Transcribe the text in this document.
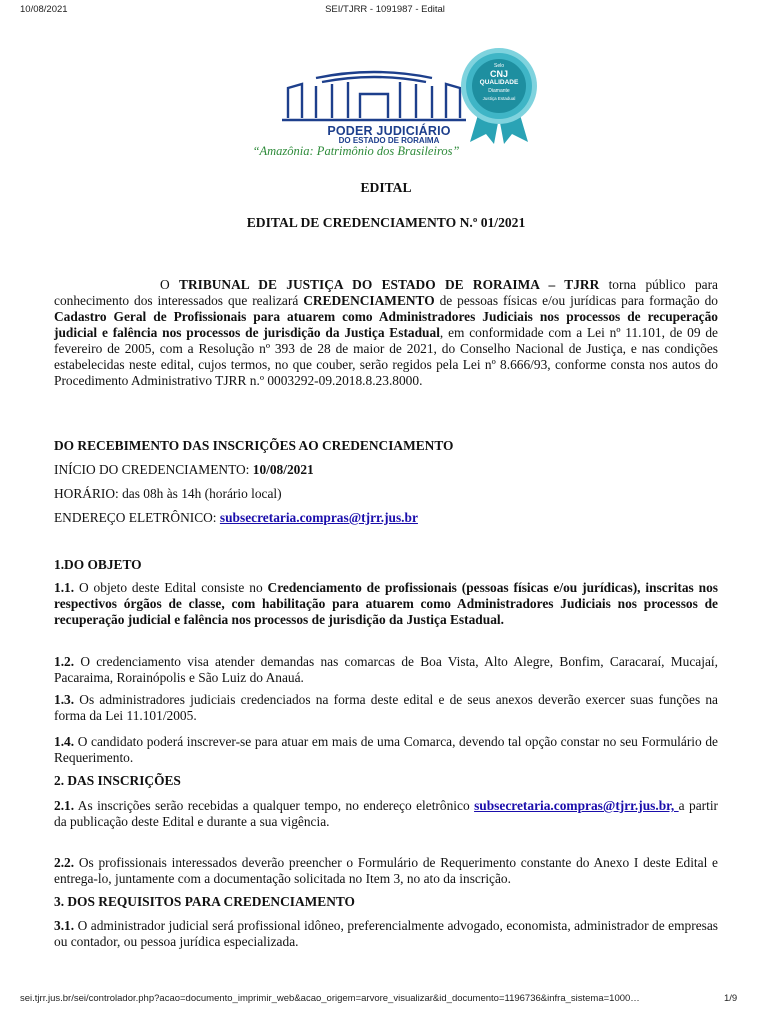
10/08/2021	SEI/TJRR - 1091987 - Edital
PODER JUDICIÁRIO
DO ESTADO DE RORAIMA
“Amazônia: Patrimônio dos Brasileiros”
Selo
CNJ
QUALIDADE
Diamante
Justiça Estadual
EDITAL
EDITAL DE CREDENCIAMENTO N.º 01/2021
O TRIBUNAL DE JUSTIÇA DO ESTADO DE RORAIMA – TJRR torna público para conhecimento dos interessados que realizará CREDENCIAMENTO de pessoas físicas e/ou jurídicas para formação do Cadastro Geral de Profissionais para atuarem como Administradores Judiciais nos processos de recuperação judicial e falência nos processos de jurisdição da Justiça Estadual, em conformidade com a Lei nº 11.101, de 09 de fevereiro de 2005, com a Resolução nº 393 de 28 de maior de 2021, do Conselho Nacional de Justiça, e nas condições estabelecidas neste edital, cujos termos, no que couber, serão regidos pela Lei nº 8.666/93, conforme consta nos autos do Procedimento Administrativo TJRR n.º 0003292-09.2018.8.23.8000.
DO RECEBIMENTO DAS INSCRIÇÕES AO CREDENCIAMENTO
INÍCIO DO CREDENCIAMENTO: 10/08/2021
HORÁRIO: das 08h às 14h (horário local)
ENDEREÇO ELETRÔNICO: subsecretaria.compras@tjrr.jus.br
1.DO OBJETO
1.1. O objeto deste Edital consiste no Credenciamento de profissionais (pessoas físicas e/ou jurídicas), inscritas nos respectivos órgãos de classe, com habilitação para atuarem como Administradores Judiciais nos processos de recuperação judicial e falência nos processos de jurisdição da Justiça Estadual.
1.2. O credenciamento visa atender demandas nas comarcas de Boa Vista, Alto Alegre, Bonfim, Caracaraí, Mucajaí, Pacaraima, Rorainópolis e São Luiz do Anauá.
1.3. Os administradores judiciais credenciados na forma deste edital e de seus anexos deverão exercer suas funções na forma da Lei 11.101/2005.
1.4. O candidato poderá inscrever-se para atuar em mais de uma Comarca, devendo tal opção constar no seu Formulário de Requerimento.
2. DAS INSCRIÇÕES
2.1. As inscrições serão recebidas a qualquer tempo, no endereço eletrônico subsecretaria.compras@tjrr.jus.br, a partir da publicação deste Edital e durante a sua vigência.
2.2. Os profissionais interessados deverão preencher o Formulário de Requerimento constante do Anexo I deste Edital e entrega-lo, juntamente com a documentação solicitada no Item 3, no ato da inscrição.
3. DOS REQUISITOS PARA CREDENCIAMENTO
3.1. O administrador judicial será profissional idôneo, preferencialmente advogado, economista, administrador de empresas ou contador, ou pessoa jurídica especializada.
sei.tjrr.jus.br/sei/controlador.php?acao=documento_imprimir_web&acao_origem=arvore_visualizar&id_documento=1196736&infra_sistema=1000…	1/9
